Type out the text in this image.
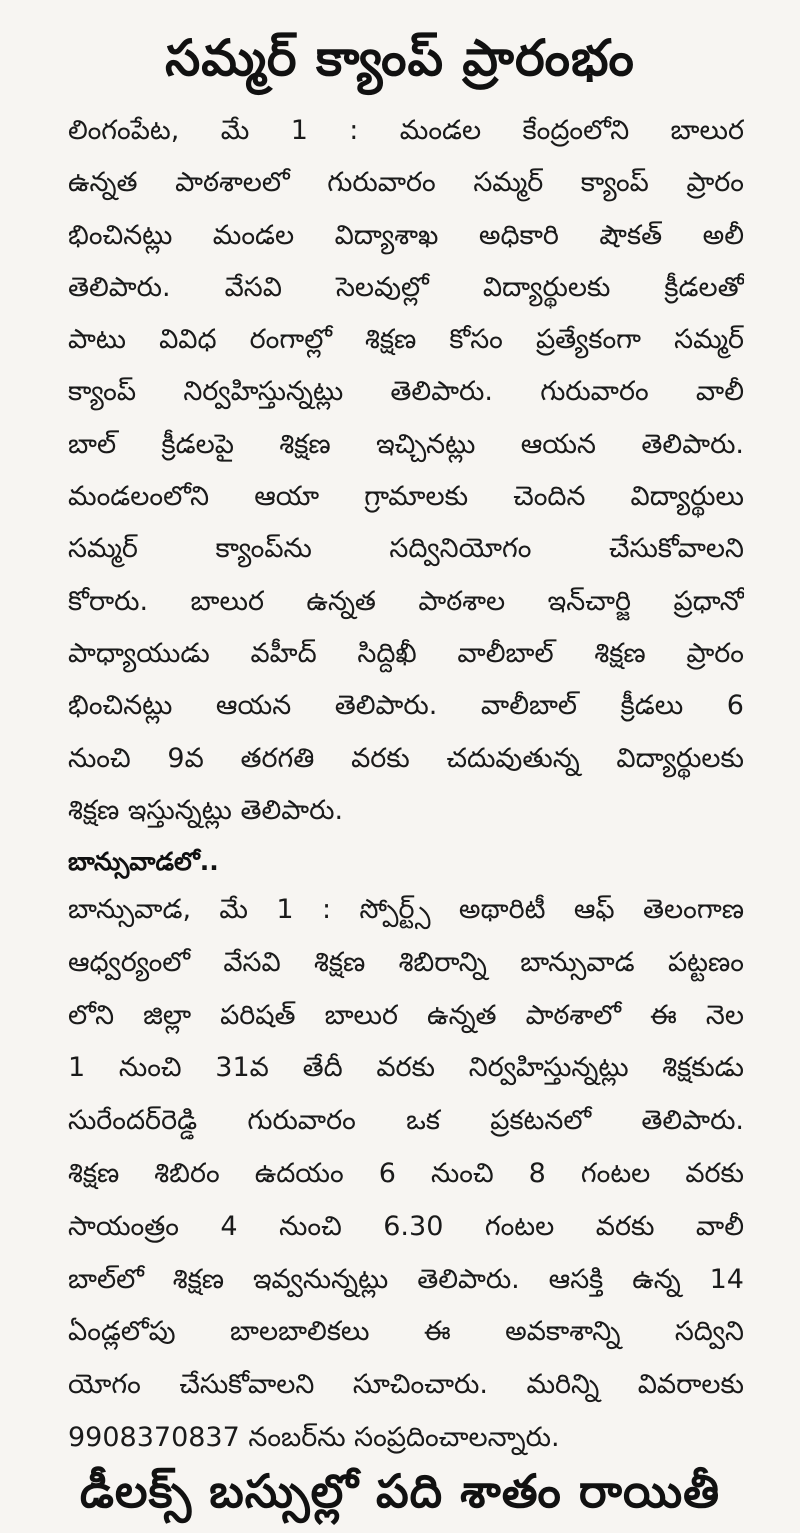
సమ్మర్ క్యాంప్ ప్రారంభం
లింగంపేట, మే 1 : మండల కేంద్రంలోని బాలుర
ఉన్నత పాఠశాలలో గురువారం సమ్మర్ క్యాంప్ ప్రారం
భించినట్లు మండల విద్యాశాఖ అధికారి షౌకత్ అలీ
తెలిపారు. వేసవి సెలవుల్లో విద్యార్థులకు క్రీడలతో
పాటు వివిధ రంగాల్లో శిక్షణ కోసం ప్రత్యేకంగా సమ్మర్
క్యాంప్ నిర్వహిస్తున్నట్లు తెలిపారు. గురువారం వాలీ
బాల్ క్రీడలపై శిక్షణ ఇచ్చినట్లు ఆయన తెలిపారు.
మండలంలోని ఆయా గ్రామాలకు చెందిన విద్యార్థులు
సమ్మర్ క్యాంప్‌ను సద్వినియోగం చేసుకోవాలని
కోరారు. బాలుర ఉన్నత పాఠశాల ఇన్‌చార్జి ప్రధానో
పాధ్యాయుడు వహీద్ సిద్దిఖీ వాలీబాల్ శిక్షణ ప్రారం
భించినట్లు ఆయన తెలిపారు. వాలీబాల్ క్రీడలు 6
నుంచి 9వ తరగతి వరకు చదువుతున్న విద్యార్థులకు
శిక్షణ ఇస్తున్నట్లు తెలిపారు.
బాన్సువాడలో..
బాన్సువాడ, మే 1 : స్పోర్ట్స్ అథారిటీ ఆఫ్ తెలంగాణ
ఆధ్వర్యంలో వేసవి శిక్షణ శిబిరాన్ని బాన్సువాడ పట్టణం
లోని జిల్లా పరిషత్ బాలుర ఉన్నత పాఠశాలో ఈ నెల
1 నుంచి 31వ తేదీ వరకు నిర్వహిస్తున్నట్లు శిక్షకుడు
సురేందర్‌రెడ్డి గురువారం ఒక ప్రకటనలో తెలిపారు.
శిక్షణ శిబిరం ఉదయం 6 నుంచి 8 గంటల వరకు
సాయంత్రం 4 నుంచి 6.30 గంటల వరకు వాలీ
బాల్‌లో శిక్షణ ఇవ్వనున్నట్లు తెలిపారు. ఆసక్తి ఉన్న 14
ఏండ్లలోపు బాలబాలికలు ఈ అవకాశాన్ని సద్విని
యోగం చేసుకోవాలని సూచించారు. మరిన్ని వివరాలకు
9908370837 నంబర్‌ను సంప్రదించాలన్నారు.
డీలక్స్ బస్సుల్లో పది శాతం రాయితీ
